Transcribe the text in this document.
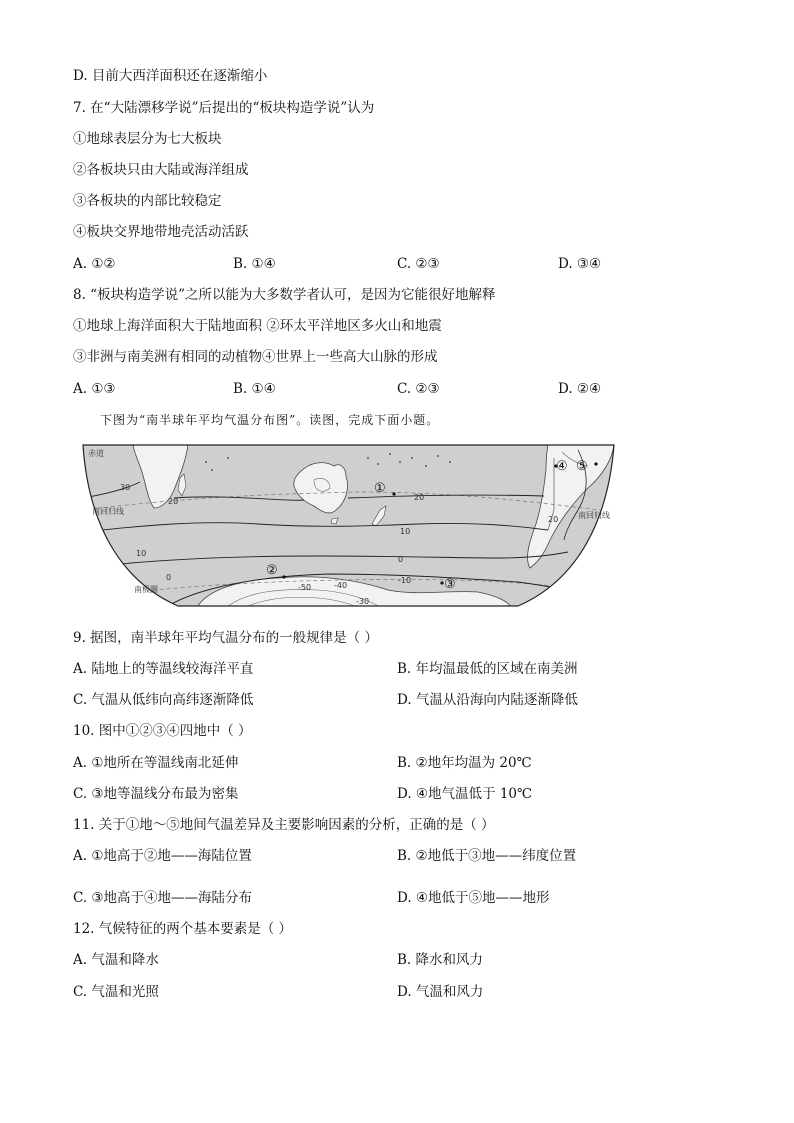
D. 目前大西洋面积还在逐渐缩小
7. 在“大陆漂移学说”后提出的“板块构造学说”认为
①地球表层分为七大板块
②各板块只由大陆或海洋组成
③各板块的内部比较稳定
④板块交界地带地壳活动活跃
A. ①②	B. ①④	C. ②③	D. ③④
8. “板块构造学说”之所以能为大多数学者认可，是因为它能很好地解释
①地球上海洋面积大于陆地面积 ②环太平洋地区多火山和地震
③非洲与南美洲有相同的动植物④世界上一些高大山脉的形成
A. ①③	B. ①④	C. ②③	D. ②④
下图为“南半球年平均气温分布图”。读图，完成下面小题。
赤道
南回归线	南回归线
南极圈
30
20
20
20
10
10
0
0
-10
-40
-50
-30
①
②
③
④ ⑤
9. 据图，南半球年平均气温分布的一般规律是（ ）
A. 陆地上的等温线较海洋平直	B. 年均温最低的区域在南美洲
C. 气温从低纬向高纬逐渐降低	D. 气温从沿海向内陆逐渐降低
10. 图中①②③④四地中（ ）
A. ①地所在等温线南北延伸	B. ②地年均温为 20℃
C. ③地等温线分布最为密集	D. ④地气温低于 10℃
11. 关于①地～⑤地间气温差异及主要影响因素的分析，正确的是（ ）
A. ①地高于②地——海陆位置	B. ②地低于③地——纬度位置
C. ③地高于④地——海陆分布	D. ④地低于⑤地——地形
12. 气候特征的两个基本要素是（ ）
A. 气温和降水	B. 降水和风力
C. 气温和光照	D. 气温和风力
